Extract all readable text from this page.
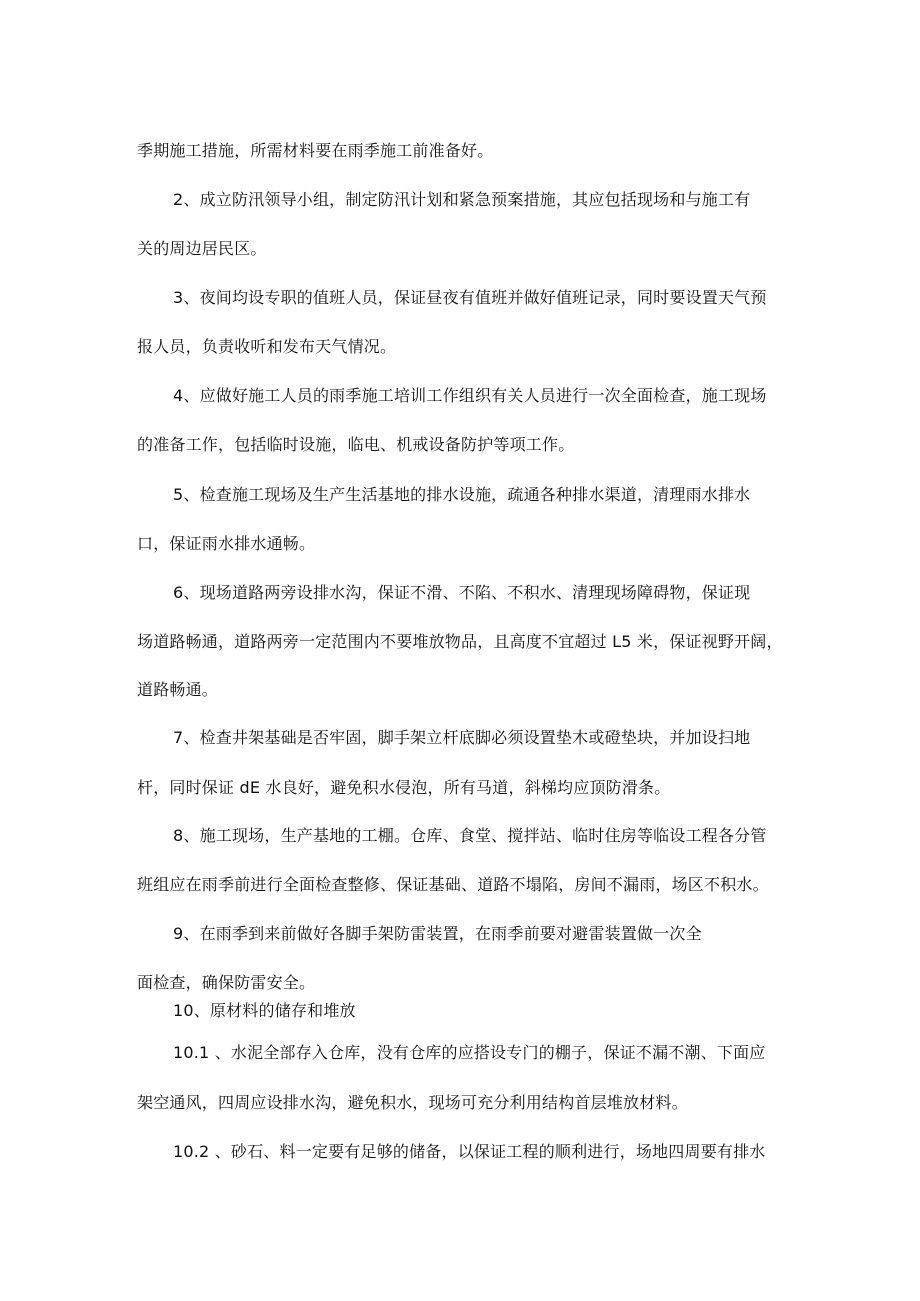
季期施工措施，所需材料要在雨季施工前准备好。

2、成立防汛领导小组，制定防汛计划和紧急预案措施，其应包括现场和与施工有

关的周边居民区。

3、夜间均设专职的值班人员，保证昼夜有值班并做好值班记录，同时要设置天气预

报人员，负责收听和发布天气情况。

4、应做好施工人员的雨季施工培训工作组织有关人员进行一次全面检查，施工现场

的准备工作，包括临时设施，临电、机戒设备防护等项工作。

5、检查施工现场及生产生活基地的排水设施，疏通各种排水渠道，清理雨水排水

口，保证雨水排水通畅。

6、现场道路两旁设排水沟，保证不滑、不陷、不积水、清理现场障碍物，保证现

场道路畅通，道路两旁一定范围内不要堆放物品，且高度不宜超过 L5 米，保证视野开阔，

道路畅通。

7、检查井架基础是否牢固，脚手架立杆底脚必须设置垫木或磴垫块，并加设扫地

杆，同时保证 dE 水良好，避免积水侵泡，所有马道，斜梯均应顶防滑条。

8、施工现场，生产基地的工棚。仓库、食堂、搅拌站、临时住房等临设工程各分管

班组应在雨季前进行全面检查整修、保证基础、道路不塌陷，房间不漏雨，场区不积水。

9、在雨季到来前做好各脚手架防雷装置，在雨季前要对避雷装置做一次全

面检查，确保防雷安全。

10、原材料的储存和堆放

10.1 、水泥全部存入仓库，没有仓库的应搭设专门的棚子，保证不漏不潮、下面应

架空通风，四周应设排水沟，避免积水，现场可充分利用结构首层堆放材料。

10.2 、砂石、料一定要有足够的储备，以保证工程的顺利进行，场地四周要有排水
